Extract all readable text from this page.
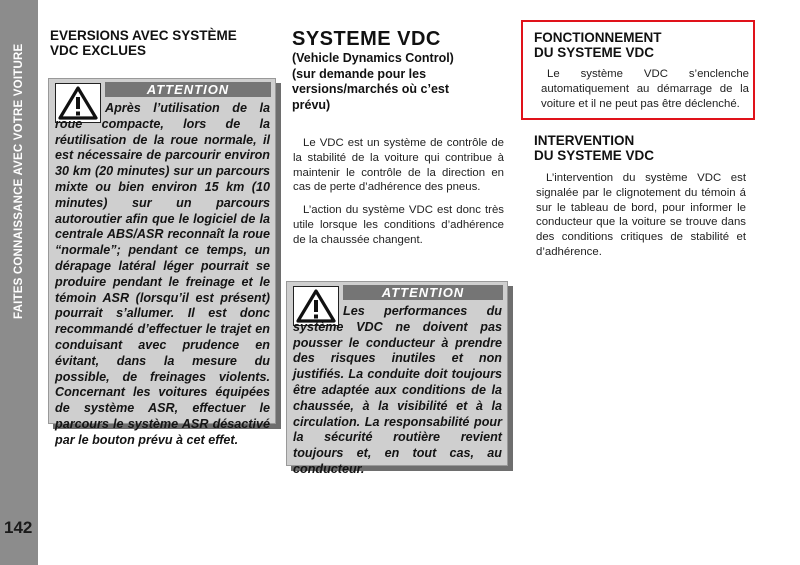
FAITES CONNAISSANCE AVEC VOTRE VOITURE
142
EVERSIONS AVEC SYSTÈME
VDC EXCLUES
ATTENTION
Après l’utilisation de la roue compacte, lors de la réutilisation de la roue normale, il est nécessaire de parcourir environ 30 km (20 minutes) sur un parcours mixte ou bien environ 15 km (10 minutes) sur un parcours autoroutier afin que le logiciel de la centrale ABS/ASR reconnaît la roue “normale”; pendant ce temps, un dérapage latéral léger pourrait se produire pendant le freinage et le témoin ASR (lorsqu’il est présent) pourrait s’allumer. Il est donc recommandé d’effectuer le trajet en conduisant avec prudence en évitant, dans la mesure du possible, de freinages violents. Concernant les voitures équipées de système ASR, effectuer le parcours le système ASR désactivé par le bouton prévu à cet effet.
SYSTEME VDC
(Vehicle Dynamics Control)
(sur demande pour les
versions/marchés où c’est
prévu)

Le VDC est un système de contrôle de la stabilité de la voiture qui contribue à maintenir le contrôle de la direction en cas de perte d’adhérence des pneus.

L’action du système VDC est donc très utile lorsque les conditions d’adhérence de la chaussée changent.

ATTENTION
Les performances du système VDC ne doivent pas pousser le conducteur à prendre des risques inutiles et non justifiés. La conduite doit toujours être adaptée aux conditions de la chaussée, à la visibilité et à la circulation. La responsabilité pour la sécurité routière revient toujours et, en tout cas, au conducteur.
FONCTIONNEMENT
DU SYSTEME VDC

Le système VDC s’enclenche automatiquement au démarrage de la voiture et il ne peut pas être déclenché.

INTERVENTION
DU SYSTEME VDC

L’intervention du système VDC est signalée par le clignotement du témoin á sur le tableau de bord, pour informer le conducteur que la voiture se trouve dans des conditions critiques de stabilité et d’adhérence.
